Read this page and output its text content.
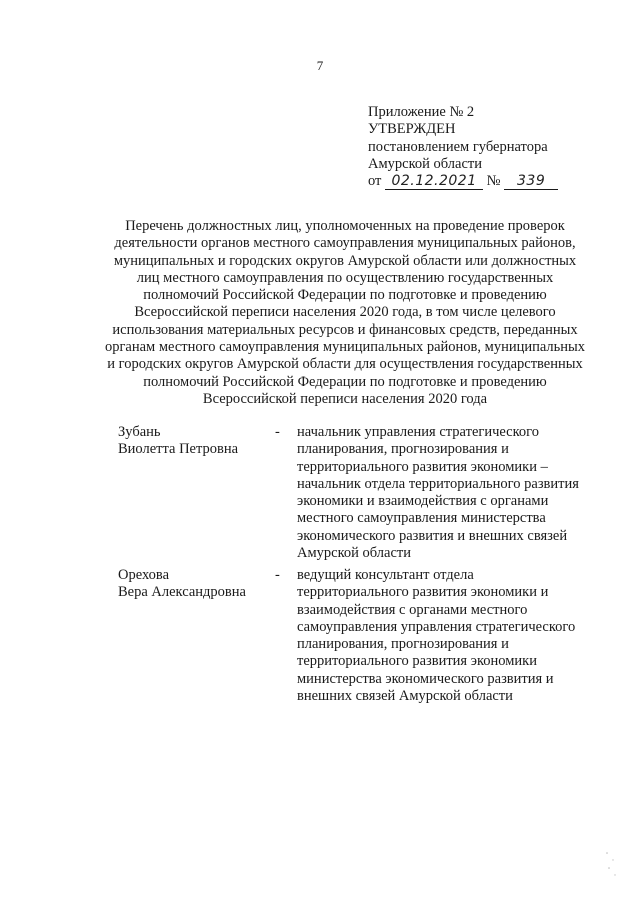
7
Приложение № 2
УТВЕРЖДЕН
постановлением губернатора
Амурской области
от 02.12.2021 № 339
Перечень должностных лиц, уполномоченных на проведение проверок
деятельности органов местного самоуправления муниципальных районов,
муниципальных и городских округов Амурской области или должностных
лиц местного самоуправления по осуществлению государственных
полномочий Российской Федерации по подготовке и проведению
Всероссийской переписи населения 2020 года, в том числе целевого
использования материальных ресурсов и финансовых средств, переданных
органам местного самоуправления муниципальных районов, муниципальных
и городских округов Амурской области для осуществления государственных
полномочий Российской Федерации по подготовке и проведению
Всероссийской переписи населения 2020 года
Зубань
Виолетта Петровна
- начальник управления стратегического
планирования, прогнозирования и
территориального развития экономики –
начальник отдела территориального развития
экономики и взаимодействия с органами
местного самоуправления министерства
экономического развития и внешних связей
Амурской области
Орехова
Вера Александровна
- ведущий консультант отдела
территориального развития экономики и
взаимодействия с органами местного
самоуправления управления стратегического
планирования, прогнозирования и
территориального развития экономики
министерства экономического развития и
внешних связей Амурской области
